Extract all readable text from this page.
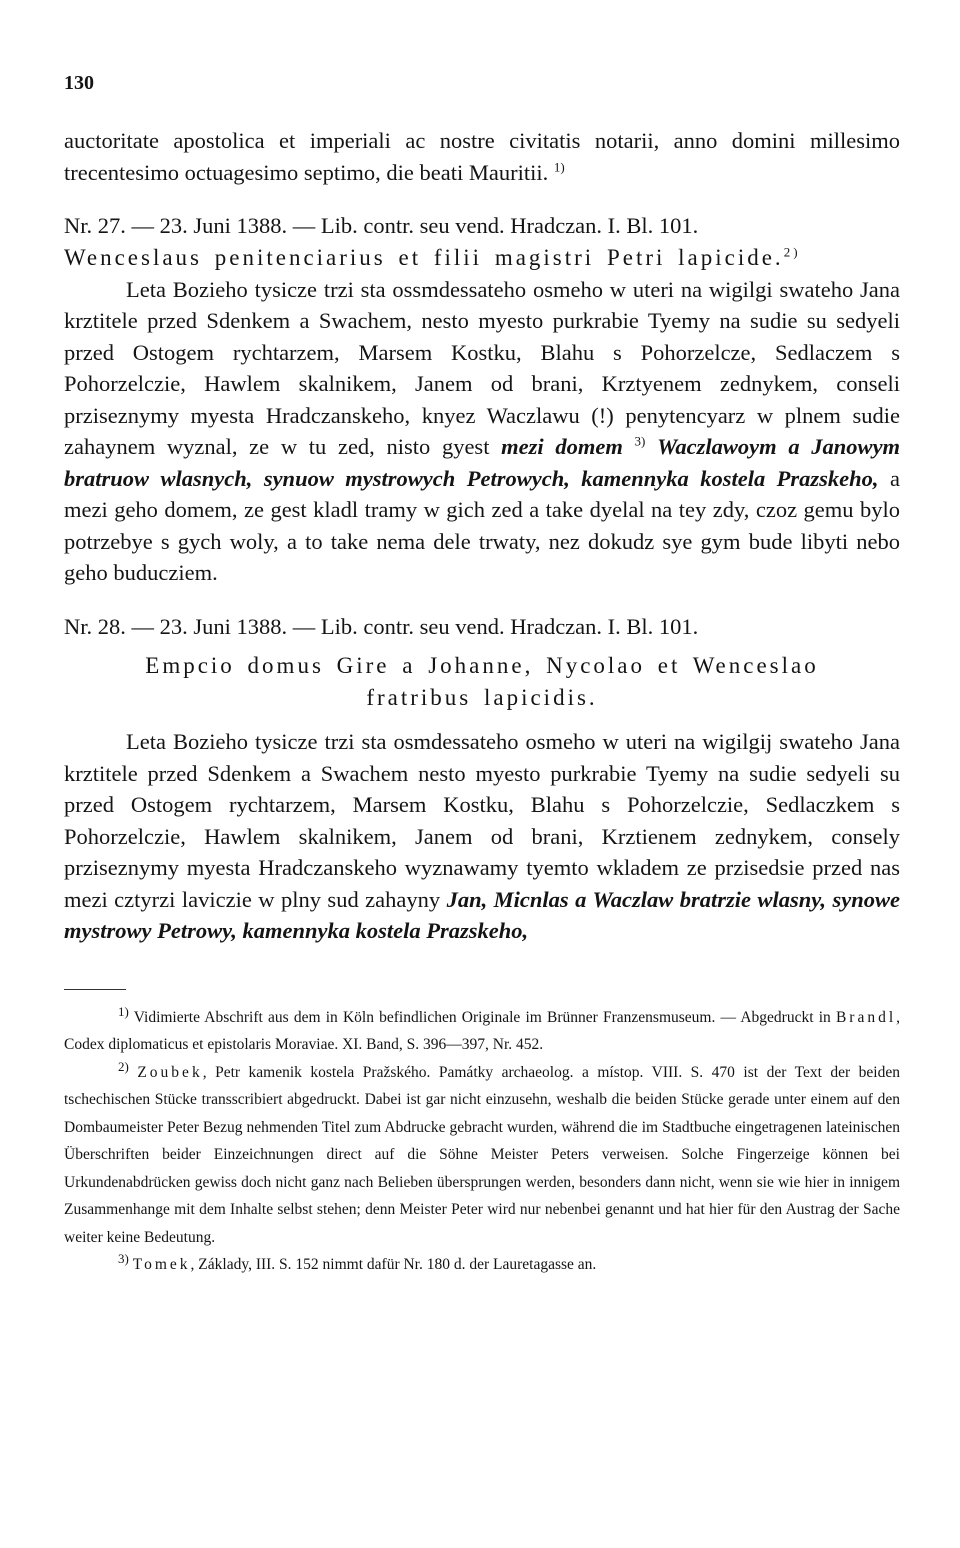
130

auctoritate apostolica et imperiali ac nostre civitatis notarii, anno domini millesimo trecentesimo octuagesimo septimo, die beati Mauritii. $^{1)}$

Nr. 27. — 23. Juni 1388. — Lib. contr. seu vend. Hradczan. I. Bl. 101.

Wenceslaus penitenciarius et filii magistri Petri lapicide.$^{2)}$

Leta Bozieho tysicze trzi sta ossmdessateho osmeho w uteri na wigilgi swateho Jana krztitele przed Sdenkem a Swachem, nesto myesto purkrabie Tyemy na sudie su sedyeli przed Ostogem rychtarzem, Marsem Kostku, Blahu s Pohorzelcze, Sedlaczem s Pohorzelczie, Hawlem skalnikem, Janem od brani, Krztyenem zednykem, conseli prziseznymy myesta Hradczanskeho, knyez Waczlawu (!) penytencyarz w plnem sudie zahaynem wyznal, ze w tu zed, nisto gyest mezi domem $^{3)}$ Waczlawoym a Janowym bratruow wlasnych, synuow mystrowych Petrowych, kamennyka kostela Prazskeho, a mezi geho domem, ze gest kladl tramy w gich zed a take dyelal na tey zdy, czoz gemu bylo potrzebye s gych woly, a to take nema dele trwaty, nez dokudz sye gym bude libyti nebo geho buducziem.

Nr. 28. — 23. Juni 1388. — Lib. contr. seu vend. Hradczan. I. Bl. 101.

Empcio domus Gire a Johanne, Nycolao et Wenceslao

fratribus lapicidis.

Leta Bozieho tysicze trzi sta osmdessateho osmeho w uteri na wigilgij swateho Jana krztitele przed Sdenkem a Swachem nesto myesto purkrabie Tyemy na sudie sedyeli su przed Ostogem rychtarzem, Marsem Kostku, Blahu s Pohorzelczie, Sedlaczkem s Pohorzelczie, Hawlem skalnikem, Janem od brani, Krztienem zednykem, consely prziseznymy myesta Hradczanskeho wyznawamy tyemto wkladem ze przisedsie przed nas mezi cztyrzi laviczie w plny sud zahayny Jan, Micnlas a Waczlaw bratrzie wlasny, synowe mystrowy Petrowy, kamennyka kostela Prazskeho,

$^{1)}$ Vidimierte Abschrift aus dem in Köln befindlichen Originale im Brünner Franzensmuseum. — Abgedruckt in Brandl, Codex diplomaticus et epistolaris Moraviae. XI. Band, S. 396—397, Nr. 452.

$^{2)}$ Zoubek, Petr kamenik kostela Pražského. Památky archaeolog. a místop. VIII. S. 470 ist der Text der beiden tschechischen Stücke transscribiert abgedruckt. Dabei ist gar nicht einzusehn, weshalb die beiden Stücke gerade unter einem auf den Dombaumeister Peter Bezug nehmenden Titel zum Abdrucke gebracht wurden, während die im Stadtbuche eingetragenen lateinischen Überschriften beider Einzeichnungen direct auf die Söhne Meister Peters verweisen. Solche Fingerzeige können bei Urkundenabdrücken gewiss doch nicht ganz nach Belieben übersprungen werden, besonders dann nicht, wenn sie wie hier in innigem Zusammenhange mit dem Inhalte selbst stehen; denn Meister Peter wird nur nebenbei genannt und hat hier für den Austrag der Sache weiter keine Bedeutung.

$^{3)}$ Tomek, Základy, III. S. 152 nimmt dafür Nr. 180 d. der Lauretagasse an.
